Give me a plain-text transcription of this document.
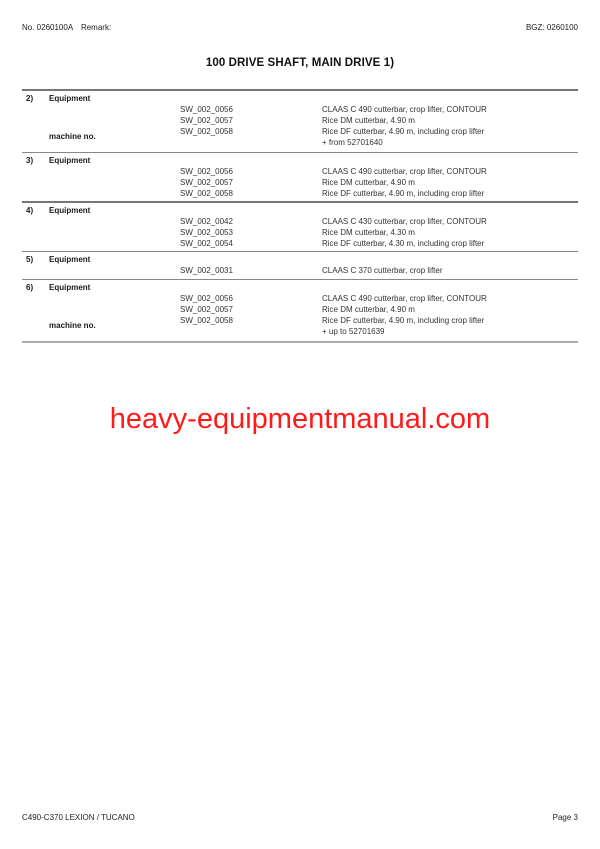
No. 0260100A Remark:	BGZ: 0260100
100 DRIVE SHAFT, MAIN DRIVE 1)
2) Equipment
SW_002_0056	CLAAS C 490 cutterbar, crop lifter, CONTOUR
SW_002_0057	Rice DM cutterbar, 4.90 m
SW_002_0058	Rice DF cutterbar, 4.90 m, including crop lifter
machine no.
+ from 52701640
3) Equipment
SW_002_0056	CLAAS C 490 cutterbar, crop lifter, CONTOUR
SW_002_0057	Rice DM cutterbar, 4.90 m
SW_002_0058	Rice DF cutterbar, 4.90 m, including crop lifter
4) Equipment
SW_002_0042	CLAAS C 430 cutterbar, crop lifter, CONTOUR
SW_002_0053	Rice DM cutterbar, 4.30 m
SW_002_0054	Rice DF cutterbar, 4.30 m, including crop lifter
5) Equipment
SW_002_0031	CLAAS C 370 cutterbar, crop lifter
6) Equipment
SW_002_0056	CLAAS C 490 cutterbar, crop lifter, CONTOUR
SW_002_0057	Rice DM cutterbar, 4.90 m
SW_002_0058	Rice DF cutterbar, 4.90 m, including crop lifter
machine no.
+ up to 52701639
heavy-equipmentmanual.com
C490-C370 LEXION / TUCANO	Page 3
